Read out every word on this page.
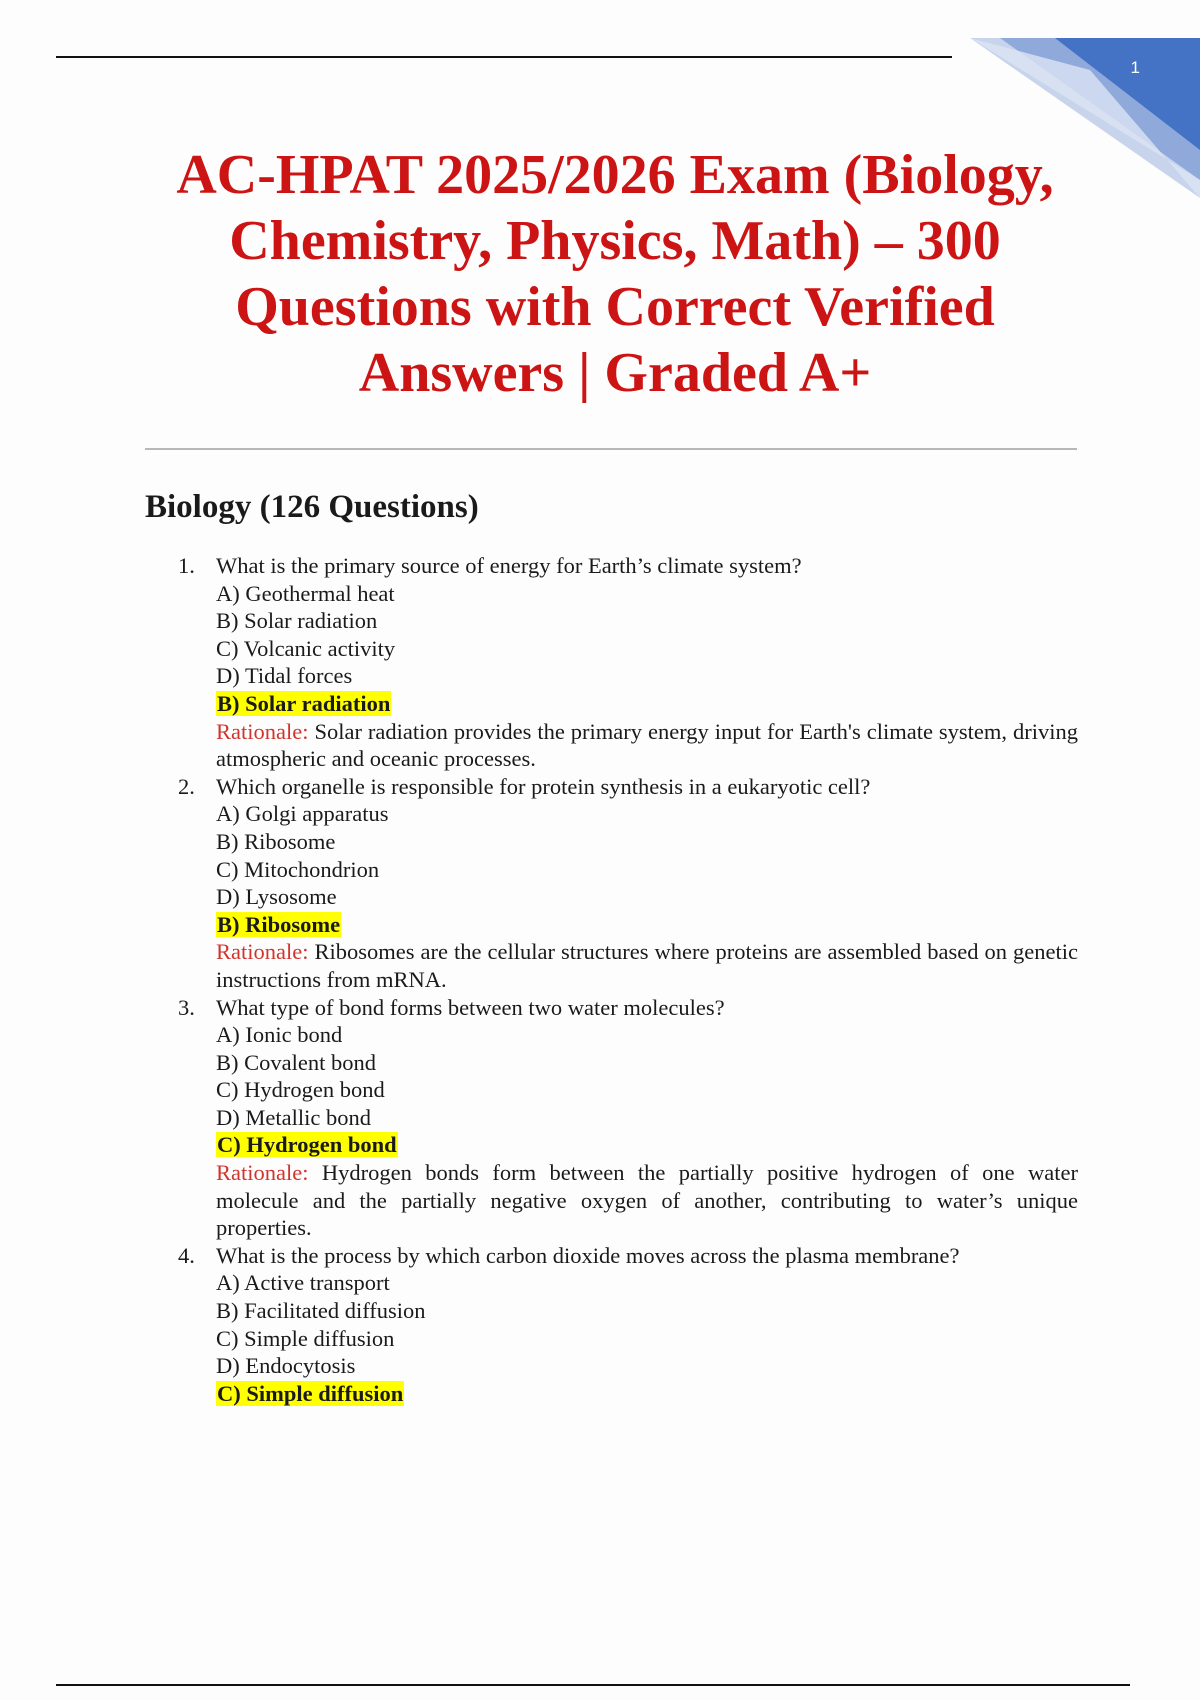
1
AC-HPAT 2025/2026 Exam (Biology, Chemistry, Physics, Math) – 300 Questions with Correct Verified Answers | Graded A+
Biology (126 Questions)
1. What is the primary source of energy for Earth’s climate system?
A) Geothermal heat
B) Solar radiation
C) Volcanic activity
D) Tidal forces
B) Solar radiation
Rationale: Solar radiation provides the primary energy input for Earth's climate system, driving atmospheric and oceanic processes.
2. Which organelle is responsible for protein synthesis in a eukaryotic cell?
A) Golgi apparatus
B) Ribosome
C) Mitochondrion
D) Lysosome
B) Ribosome
Rationale: Ribosomes are the cellular structures where proteins are assembled based on genetic instructions from mRNA.
3. What type of bond forms between two water molecules?
A) Ionic bond
B) Covalent bond
C) Hydrogen bond
D) Metallic bond
C) Hydrogen bond
Rationale: Hydrogen bonds form between the partially positive hydrogen of one water molecule and the partially negative oxygen of another, contributing to water’s unique properties.
4. What is the process by which carbon dioxide moves across the plasma membrane?
A) Active transport
B) Facilitated diffusion
C) Simple diffusion
D) Endocytosis
C) Simple diffusion
